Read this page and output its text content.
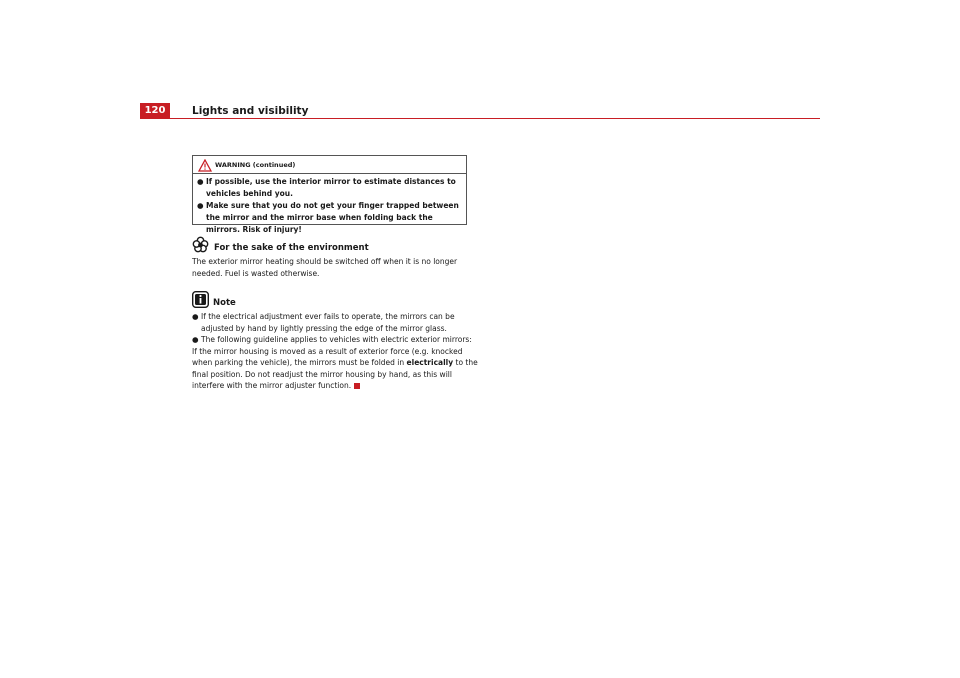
120	Lights and visibility
WARNING (continued)
● If possible, use the interior mirror to estimate distances to vehicles behind you.
● Make sure that you do not get your finger trapped between the mirror and the mirror base when folding back the mirrors. Risk of injury!
For the sake of the environment
The exterior mirror heating should be switched off when it is no longer needed. Fuel is wasted otherwise.
Note
● If the electrical adjustment ever fails to operate, the mirrors can be adjusted by hand by lightly pressing the edge of the mirror glass.
● The following guideline applies to vehicles with electric exterior mirrors:
If the mirror housing is moved as a result of exterior force (e.g. knocked when parking the vehicle), the mirrors must be folded in electrically to the final position. Do not readjust the mirror housing by hand, as this will interfere with the mirror adjuster function.
